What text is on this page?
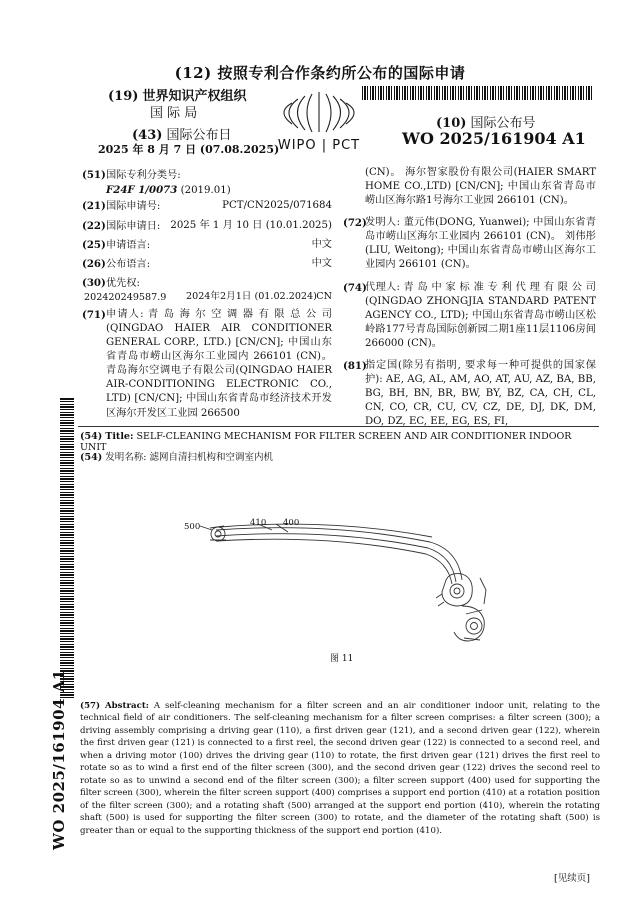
(12) 按照专利合作条约所公布的国际申请
(19) 世界知识产权组织
国 际 局
(43) 国际公布日
2025 年 8 月 7 日 (07.08.2025)
WIPO | PCT
(10) 国际公布号
WO 2025/161904 A1
WO 2025/161904 A1
(51)国际专利分类号:
F24F 1/0073 (2019.01)
(21)国际申请号:	PCT/CN2025/071684
(22)国际申请日: 2025 年 1 月 10 日 (10.01.2025)
(25)申请语言:	中文
(26)公布语言:	中文
(30)优先权:
202420249587.9 2024年2月1日 (01.02.2024) CN
(71) 申请人: 青 岛 海 尔 空 调 器 有 限 总 公 司 (QINGDAO HAIER AIR CONDITIONER GENERAL CORP., LTD.) [CN/CN]; 中国山东省青岛市崂山区海尔工业园内 266101 (CN)。 青岛海尔空调电子有限公司(QINGDAO HAIER AIR-CONDITIONING ELECTRONIC CO., LTD) [CN/CN]; 中国山东省青岛市经济技术开发区海尔开发区工业园 266500
(CN)。 海尔智家股份有限公司(HAIER SMART HOME CO.,LTD) [CN/CN]; 中国山东省青岛市崂山区海尔路1号海尔工业园 266101 (CN)。
(72)
发明人: 董元伟(DONG, Yuanwei); 中国山东省青岛市崂山区海尔工业园内 266101 (CN)。 刘伟彤 (LIU, Weitong); 中国山东省青岛市崂山区海尔工业园内 266101 (CN)。
(74)
代理人: 青 岛 中 家 标 准 专 利 代 理 有 限 公 司 (QINGDAO ZHONGJIA STANDARD PATENT AGENCY CO., LTD); 中国山东省青岛市崂山区松岭路177号青岛国际创新园二期1座11层1106房间 266000 (CN)。
(81)
指定国(除另有指明, 要求每一种可提供的国家保护): AE, AG, AL, AM, AO, AT, AU, AZ, BA, BB, BG, BH, BN, BR, BW, BY, BZ, CA, CH, CL, CN, CO, CR, CU, CV, CZ, DE, DJ, DK, DM, DO, DZ, EC, EE, EG, ES, FI,
(54) Title: SELF-CLEANING MECHANISM FOR FILTER SCREEN AND AIR CONDITIONER INDOOR UNIT
(54) 发明名称: 滤网自清扫机构和空调室内机
500	410 400
图 11
(57) Abstract: A self-cleaning mechanism for a filter screen and an air conditioner indoor unit, relating to the technical field of air conditioners. The self-cleaning mechanism for a filter screen comprises: a filter screen (300); a driving assembly comprising a driving gear (110), a first driven gear (121), and a second driven gear (122), wherein the first driven gear (121) is connected to a first reel, the second driven gear (122) is connected to a second reel, and when a driving motor (100) drives the driving gear (110) to rotate, the first driven gear (121) drives the first reel to rotate so as to wind a first end of the filter screen (300), and the second driven gear (122) drives the second reel to rotate so as to unwind a second end of the filter screen (300); a filter screen support (400) used for supporting the filter screen (300), wherein the filter screen support (400) comprises a support end portion (410) at a rotation position of the filter screen (300); and a rotating shaft (500) arranged at the support end portion (410), wherein the rotating shaft (500) is used for supporting the filter screen (300) to rotate, and the diameter of the rotating shaft (500) is greater than or equal to the supporting thickness of the support end portion (410).
[见续页]
